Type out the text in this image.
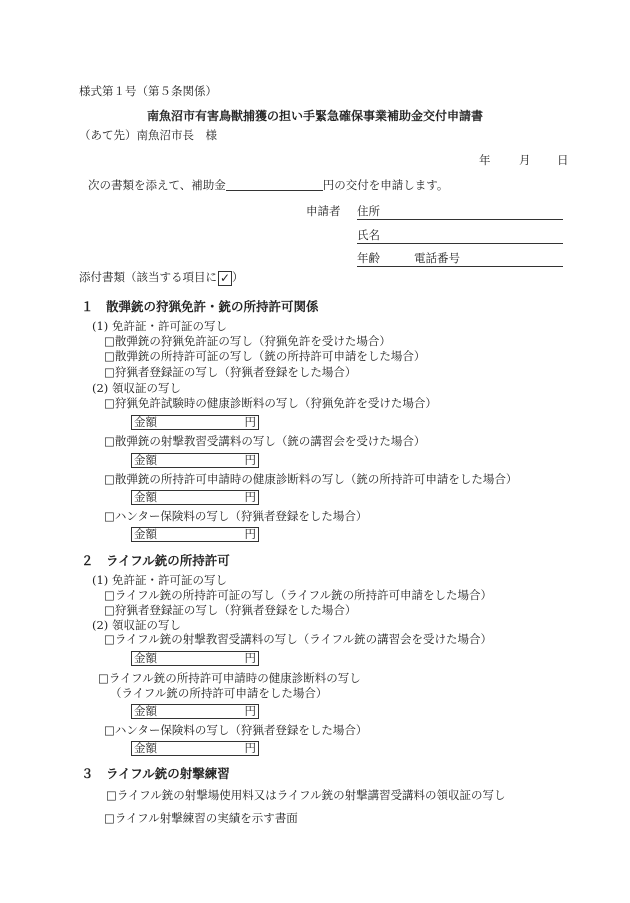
様式第１号（第５条関係）
南魚沼市有害鳥獣捕獲の担い手緊急確保事業補助金交付申請書
（あて先）南魚沼市長　様
年 月 日
次の書類を添えて、補助金	円の交付を申請します。
申請者 住所
氏名
年齢	電話番号
添付書類（該当する項目に ✓ ）
１　散弾銃の狩猟免許・銃の所持許可関係
(1) 免許証・許可証の写し
□散弾銃の狩猟免許証の写し（狩猟免許を受けた場合）
□散弾銃の所持許可証の写し（銃の所持許可申請をした場合）
□狩猟者登録証の写し（狩猟者登録をした場合）
(2) 領収証の写し
□狩猟免許試験時の健康診断料の写し（狩猟免許を受けた場合）
金額	円
□散弾銃の射撃教習受講料の写し（銃の講習会を受けた場合）
金額	円
□散弾銃の所持許可申請時の健康診断料の写し（銃の所持許可申請をした場合）
金額	円
□ハンター保険料の写し（狩猟者登録をした場合）
金額	円
２　ライフル銃の所持許可
(1) 免許証・許可証の写し
□ライフル銃の所持許可証の写し（ライフル銃の所持許可申請をした場合）
□狩猟者登録証の写し（狩猟者登録をした場合）
(2) 領収証の写し
□ライフル銃の射撃教習受講料の写し（ライフル銃の講習会を受けた場合）
金額	円
□ライフル銃の所持許可申請時の健康診断料の写し
（ライフル銃の所持許可申請をした場合）
金額	円
□ハンター保険料の写し（狩猟者登録をした場合）
金額	円
３　ライフル銃の射撃練習
□ライフル銃の射撃場使用料又はライフル銃の射撃講習受講料の領収証の写し
□ライフル射撃練習の実績を示す書面
